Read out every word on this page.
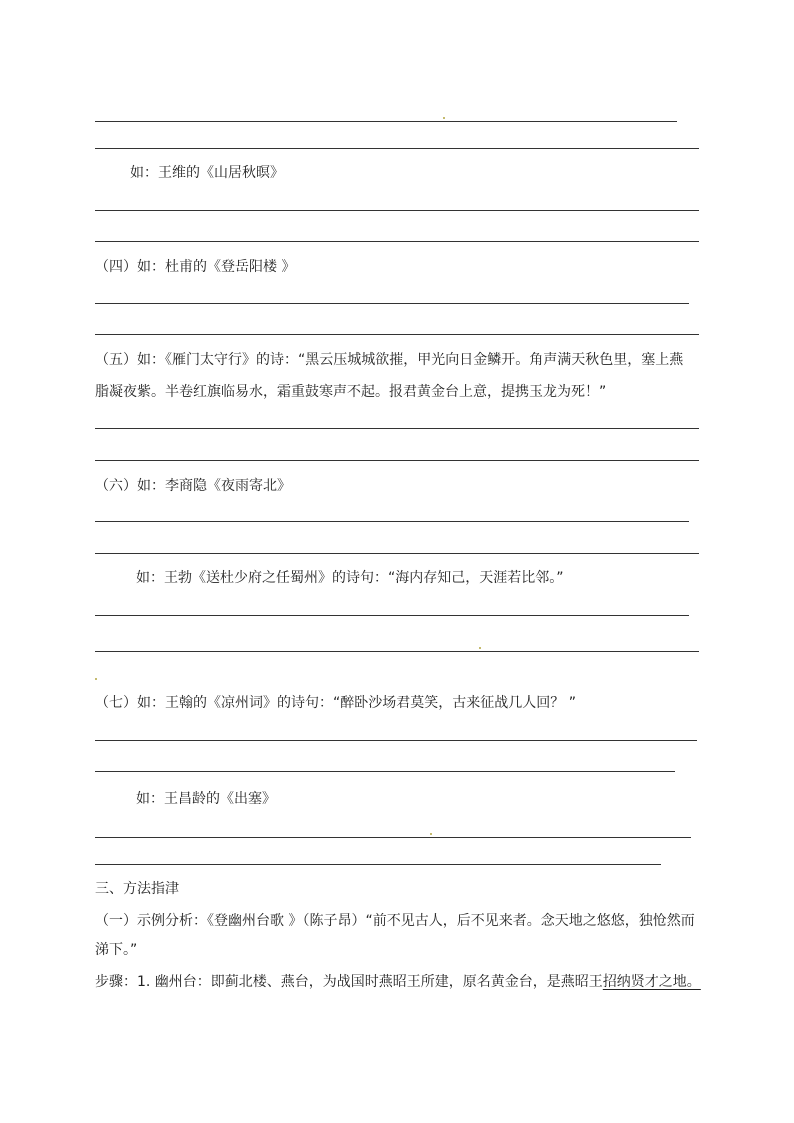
如：王维的《山居秋暝》
（四）如：杜甫的《登岳阳楼 》
（五）如：《雁门太守行》的诗：“黑云压城城欲摧，甲光向日金鳞开。角声满天秋色里，塞上燕
脂凝夜紫。半卷红旗临易水，霜重鼓寒声不起。报君黄金台上意，提携玉龙为死！”
（六）如：李商隐《夜雨寄北》
如：王勃《送杜少府之任蜀州》的诗句：“海内存知己，天涯若比邻。”
（七）如：王翰的《凉州词》的诗句：“醉卧沙场君莫笑，古来征战几人回？ ”
如：王昌龄的《出塞》
三、方法指津
（一）示例分析：《登幽州台歌 》（陈子昂）“前不见古人，后不见来者。念天地之悠悠，独怆然而
涕下。”
步骤：1. 幽州台：即蓟北楼、燕台，为战国时燕昭王所建，原名黄金台，是燕昭王招纳贤才之地。
